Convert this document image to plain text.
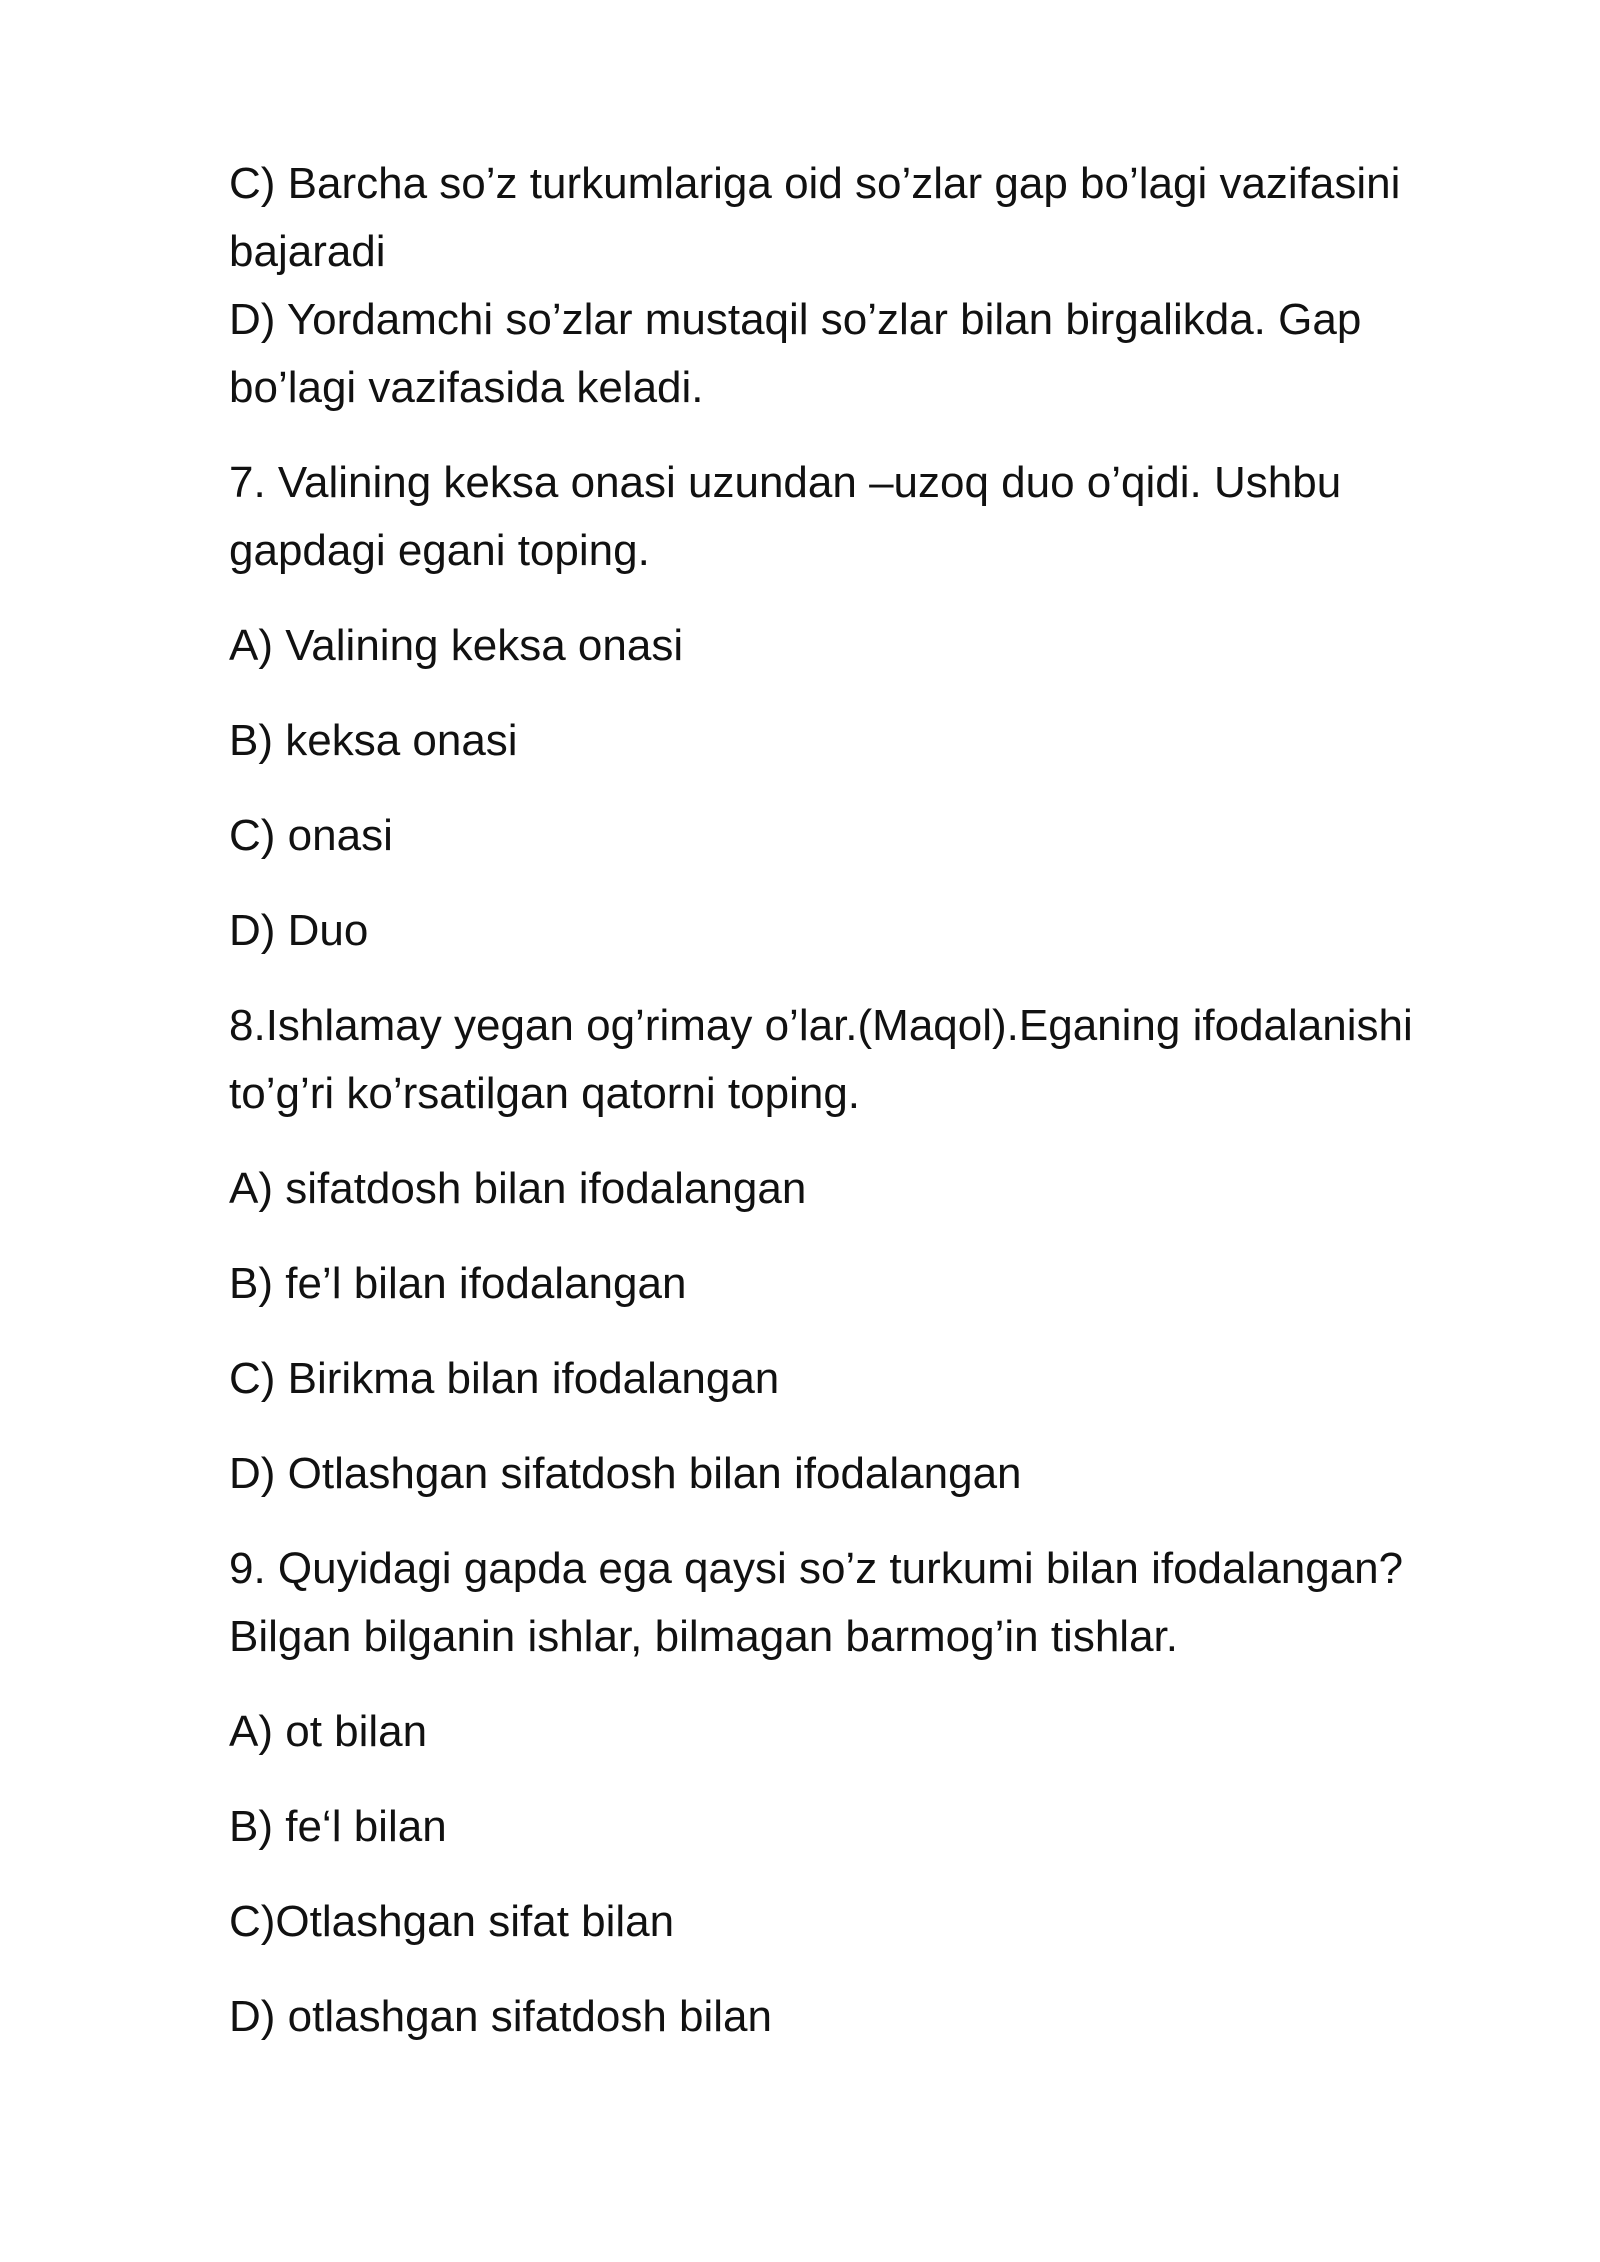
C) Barcha so’z turkumlariga oid so’zlar gap bo’lagi vazifasini

bajaradi

D) Yordamchi so’zlar mustaqil so’zlar bilan birgalikda. Gap

bo’lagi vazifasida keladi.

7. Valining keksa onasi uzundan –uzoq duo o’qidi. Ushbu

gapdagi egani toping.

A) Valining keksa onasi

B) keksa onasi

C) onasi

D) Duo

8.Ishlamay yegan og’rimay o’lar.(Maqol).Eganing ifodalanishi

to’g’ri ko’rsatilgan qatorni toping.

A) sifatdosh bilan ifodalangan

B) fe’l bilan ifodalangan

C) Birikma bilan ifodalangan

D) Otlashgan sifatdosh bilan ifodalangan

9. Quyidagi gapda ega qaysi so’z turkumi bilan ifodalangan?

Bilgan bilganin ishlar, bilmagan barmog’in tishlar.

A) ot bilan

B) fe‘l bilan

C)Otlashgan sifat bilan

D) otlashgan sifatdosh bilan
